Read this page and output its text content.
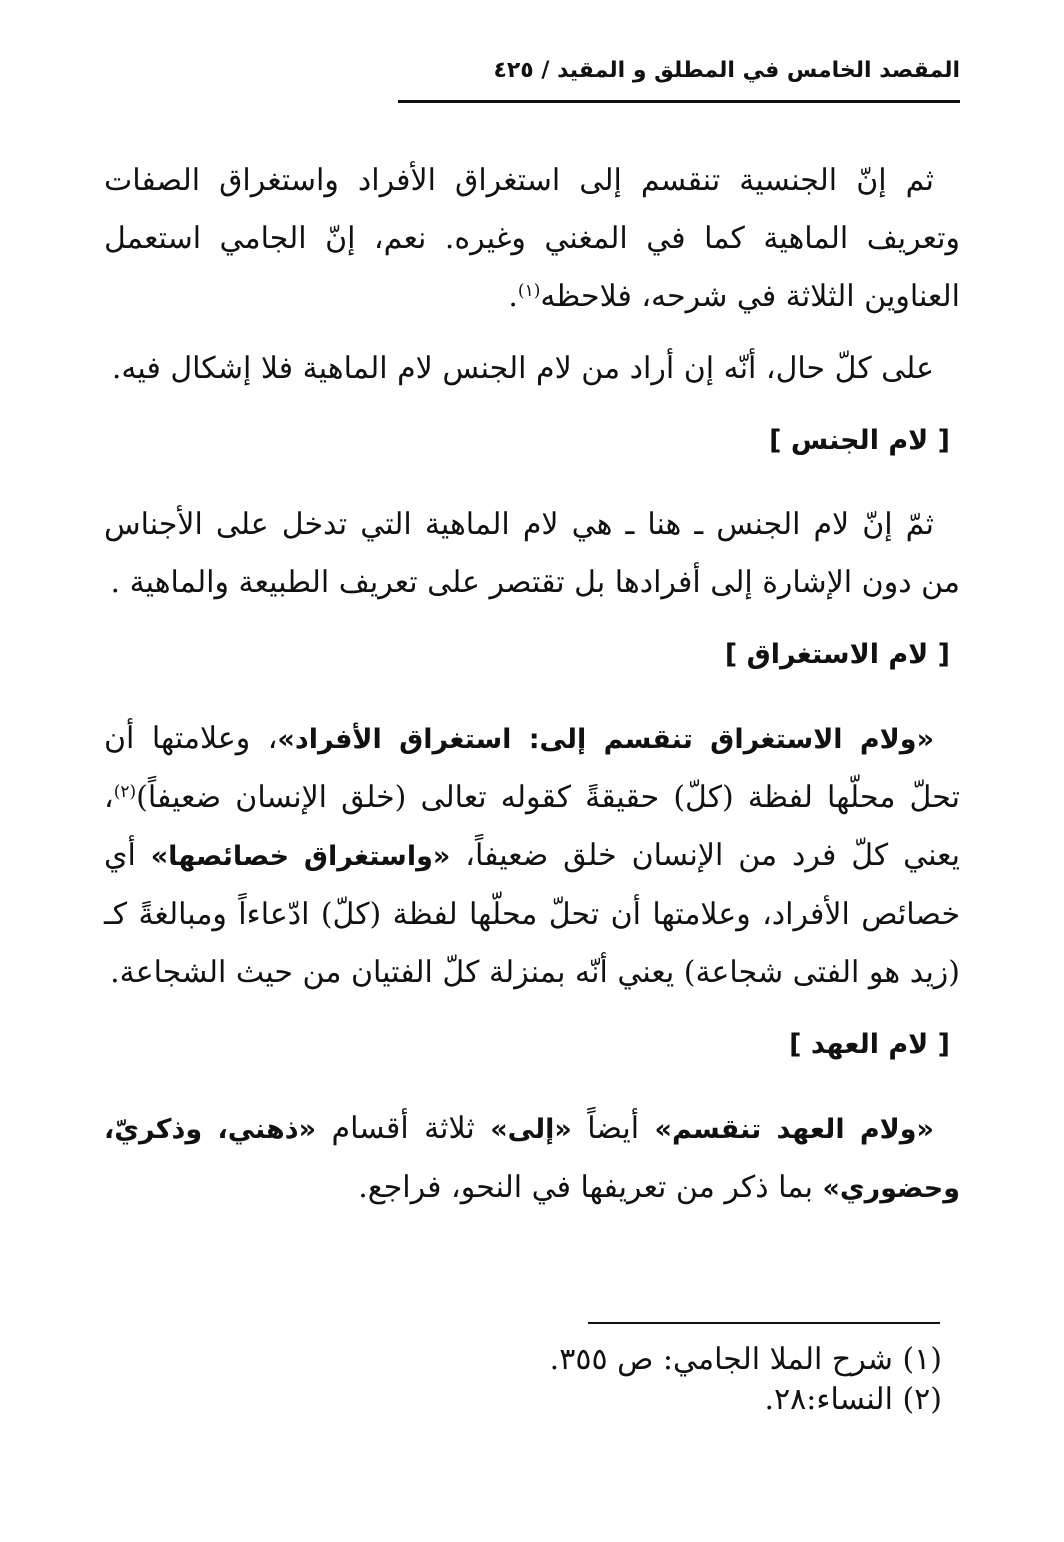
المقصد الخامس في المطلق و المقيد / ٤٢٥

ثم إنّ الجنسية تنقسم إلى استغراق الأفراد واستغراق الصفات وتعريف الماهية كما في المغني وغيره. نعم، إنّ الجامي استعمل العناوين الثلاثة في شرحه، فلاحظه$^{(١)}$.

على كلّ حال، أنّه إن أراد من لام الجنس لام الماهية فلا إشكال فيه.

[ لام الجنس ]

ثمّ إنّ لام الجنس ـ هنا ـ هي لام الماهية التي تدخل على الأجناس من دون الإشارة إلى أفرادها بل تقتصر على تعريف الطبيعة والماهية .

[ لام الاستغراق ]

«ولام الاستغراق تنقسم إلى: استغراق الأفراد»، وعلامتها أن تحلّ محلّها لفظة (كلّ) حقيقةً كقوله تعالى (خلق الإنسان ضعيفاً)$^{(٢)}$، يعني كلّ فرد من الإنسان خلق ضعيفاً، «واستغراق خصائصها» أي خصائص الأفراد، وعلامتها أن تحلّ محلّها لفظة (كلّ) ادّعاءاً ومبالغةً كـ (زيد هو الفتى شجاعة) يعني أنّه بمنزلة كلّ الفتيان من حيث الشجاعة.

[ لام العهد ]

«ولام العهد تنقسم» أيضاً «إلى» ثلاثة أقسام «ذهني، وذكريّ، وحضوري» بما ذكر من تعريفها في النحو، فراجع.

(١) شرح الملا الجامي: ص ٣٥٥.

(٢) النساء:٢٨.
